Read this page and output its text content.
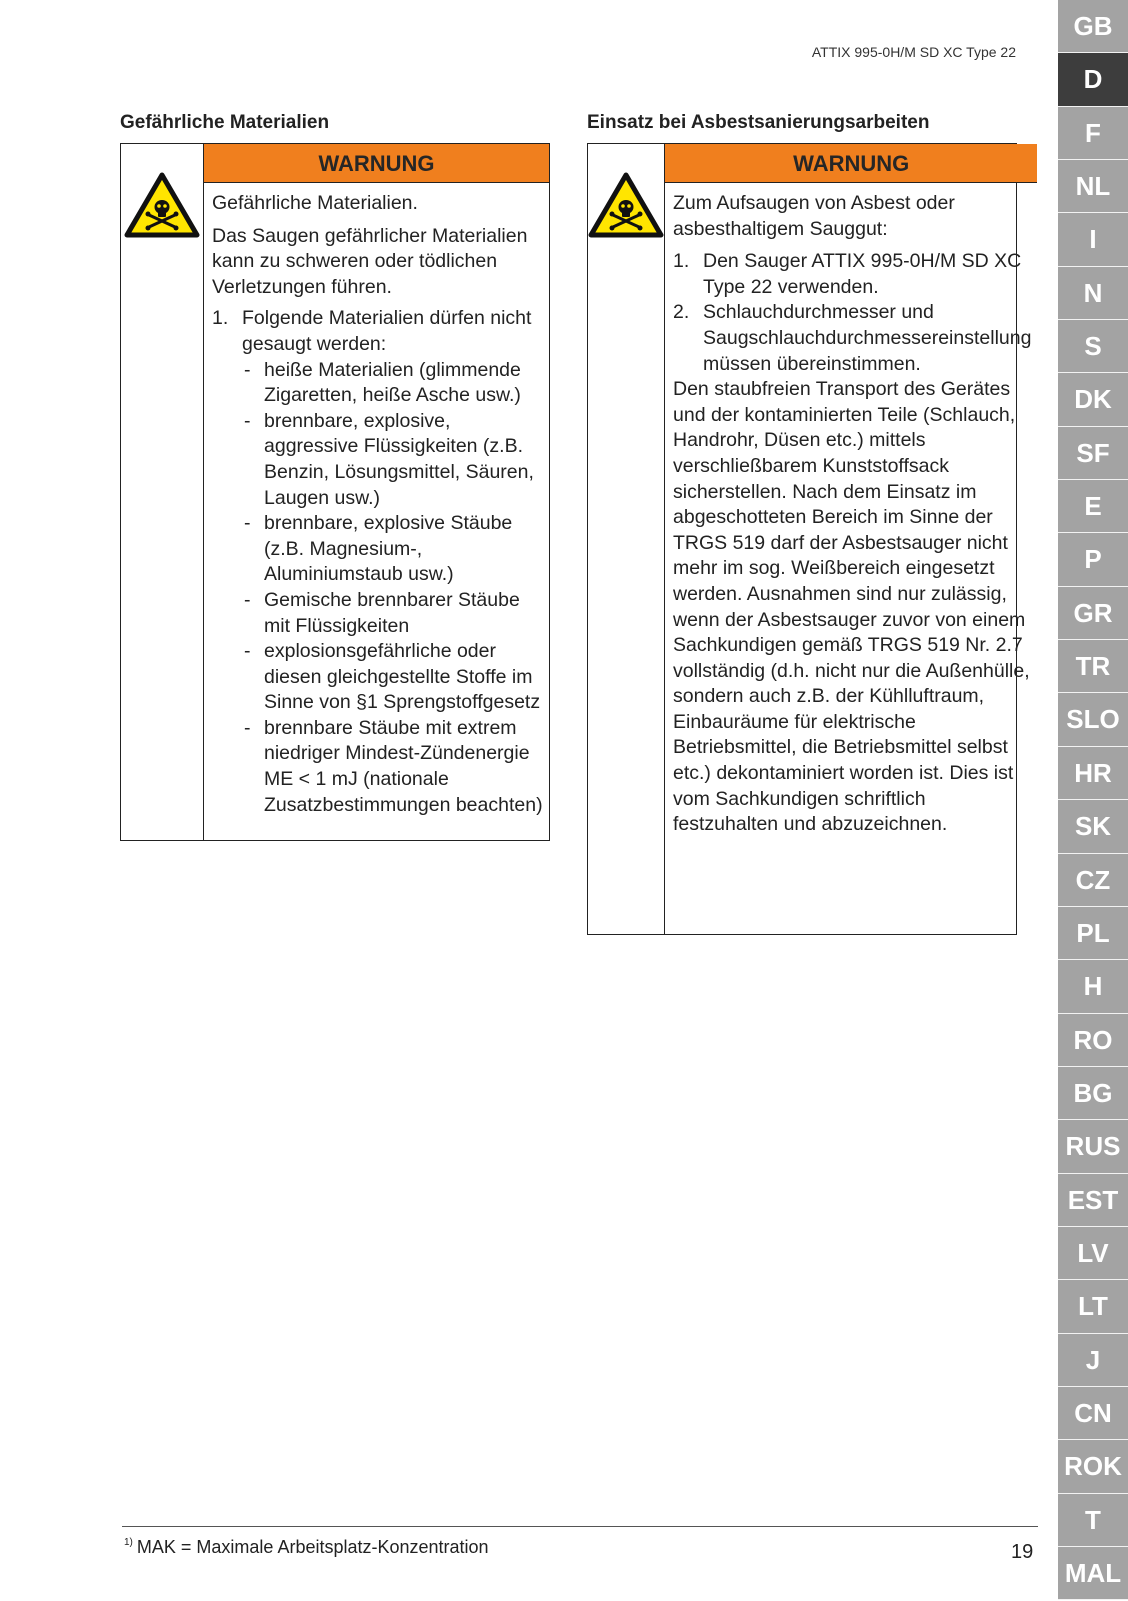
ATTIX 995-0H/M SD XC Type 22
Gefährliche Materialien
WARNUNG

Gefährliche Materialien.

Das Saugen gefährlicher Materialien kann zu schweren oder tödlichen Verletzungen führen.

1. Folgende Materialien dürfen nicht gesaugt werden:
- heiße Materialien (glimmende Zigaretten, heiße Asche usw.)
- brennbare, explosive, aggressive Flüssigkeiten (z.B. Benzin, Lösungsmittel, Säuren, Laugen usw.)
- brennbare, explosive Stäube (z.B. Magnesium-, Aluminiumstaub usw.)
- Gemische brennbarer Stäube mit Flüssigkeiten
- explosionsgefährliche oder diesen gleichgestellte Stoffe im Sinne von §1 Sprengstoffgesetz
- brennbare Stäube mit extrem niedriger Mindest-Zündenergie ME < 1 mJ (nationale Zusatzbestimmungen beachten)
Einsatz bei Asbestsanierungsarbeiten
WARNUNG

Zum Aufsaugen von Asbest oder asbesthaltigem Sauggut:

1. Den Sauger ATTIX 995-0H/M SD XC Type 22 verwenden.
2. Schlauchdurchmesser und Saugschlauchdurchmessereinstellung müssen übereinstimmen.

Den staubfreien Transport des Gerätes und der kontaminierten Teile (Schlauch, Handrohr, Düsen etc.) mittels verschließbarem Kunststoffsack sicherstellen. Nach dem Einsatz im abgeschotteten Bereich im Sinne der TRGS 519 darf der Asbestsauger nicht mehr im sog. Weißbereich eingesetzt werden. Ausnahmen sind nur zulässig, wenn der Asbestsauger zuvor von einem Sachkundigen gemäß TRGS 519 Nr. 2.7 vollständig (d.h. nicht nur die Außenhülle, sondern auch z.B. der Kühlluftraum, Einbauräume für elektrische Betriebsmittel, die Betriebsmittel selbst etc.) dekontaminiert worden ist. Dies ist vom Sachkundigen schriftlich festzuhalten und abzuzeichnen.

$^{1)}$ MAK = Maximale Arbeitsplatz-Konzentration	19
GB
D
F
NL
I
N
S
DK
SF
E
P
GR
TR
SLO
HR
SK
CZ
PL
H
RO
BG
RUS
EST
LV
LT
J
CN
ROK
T
MAL
